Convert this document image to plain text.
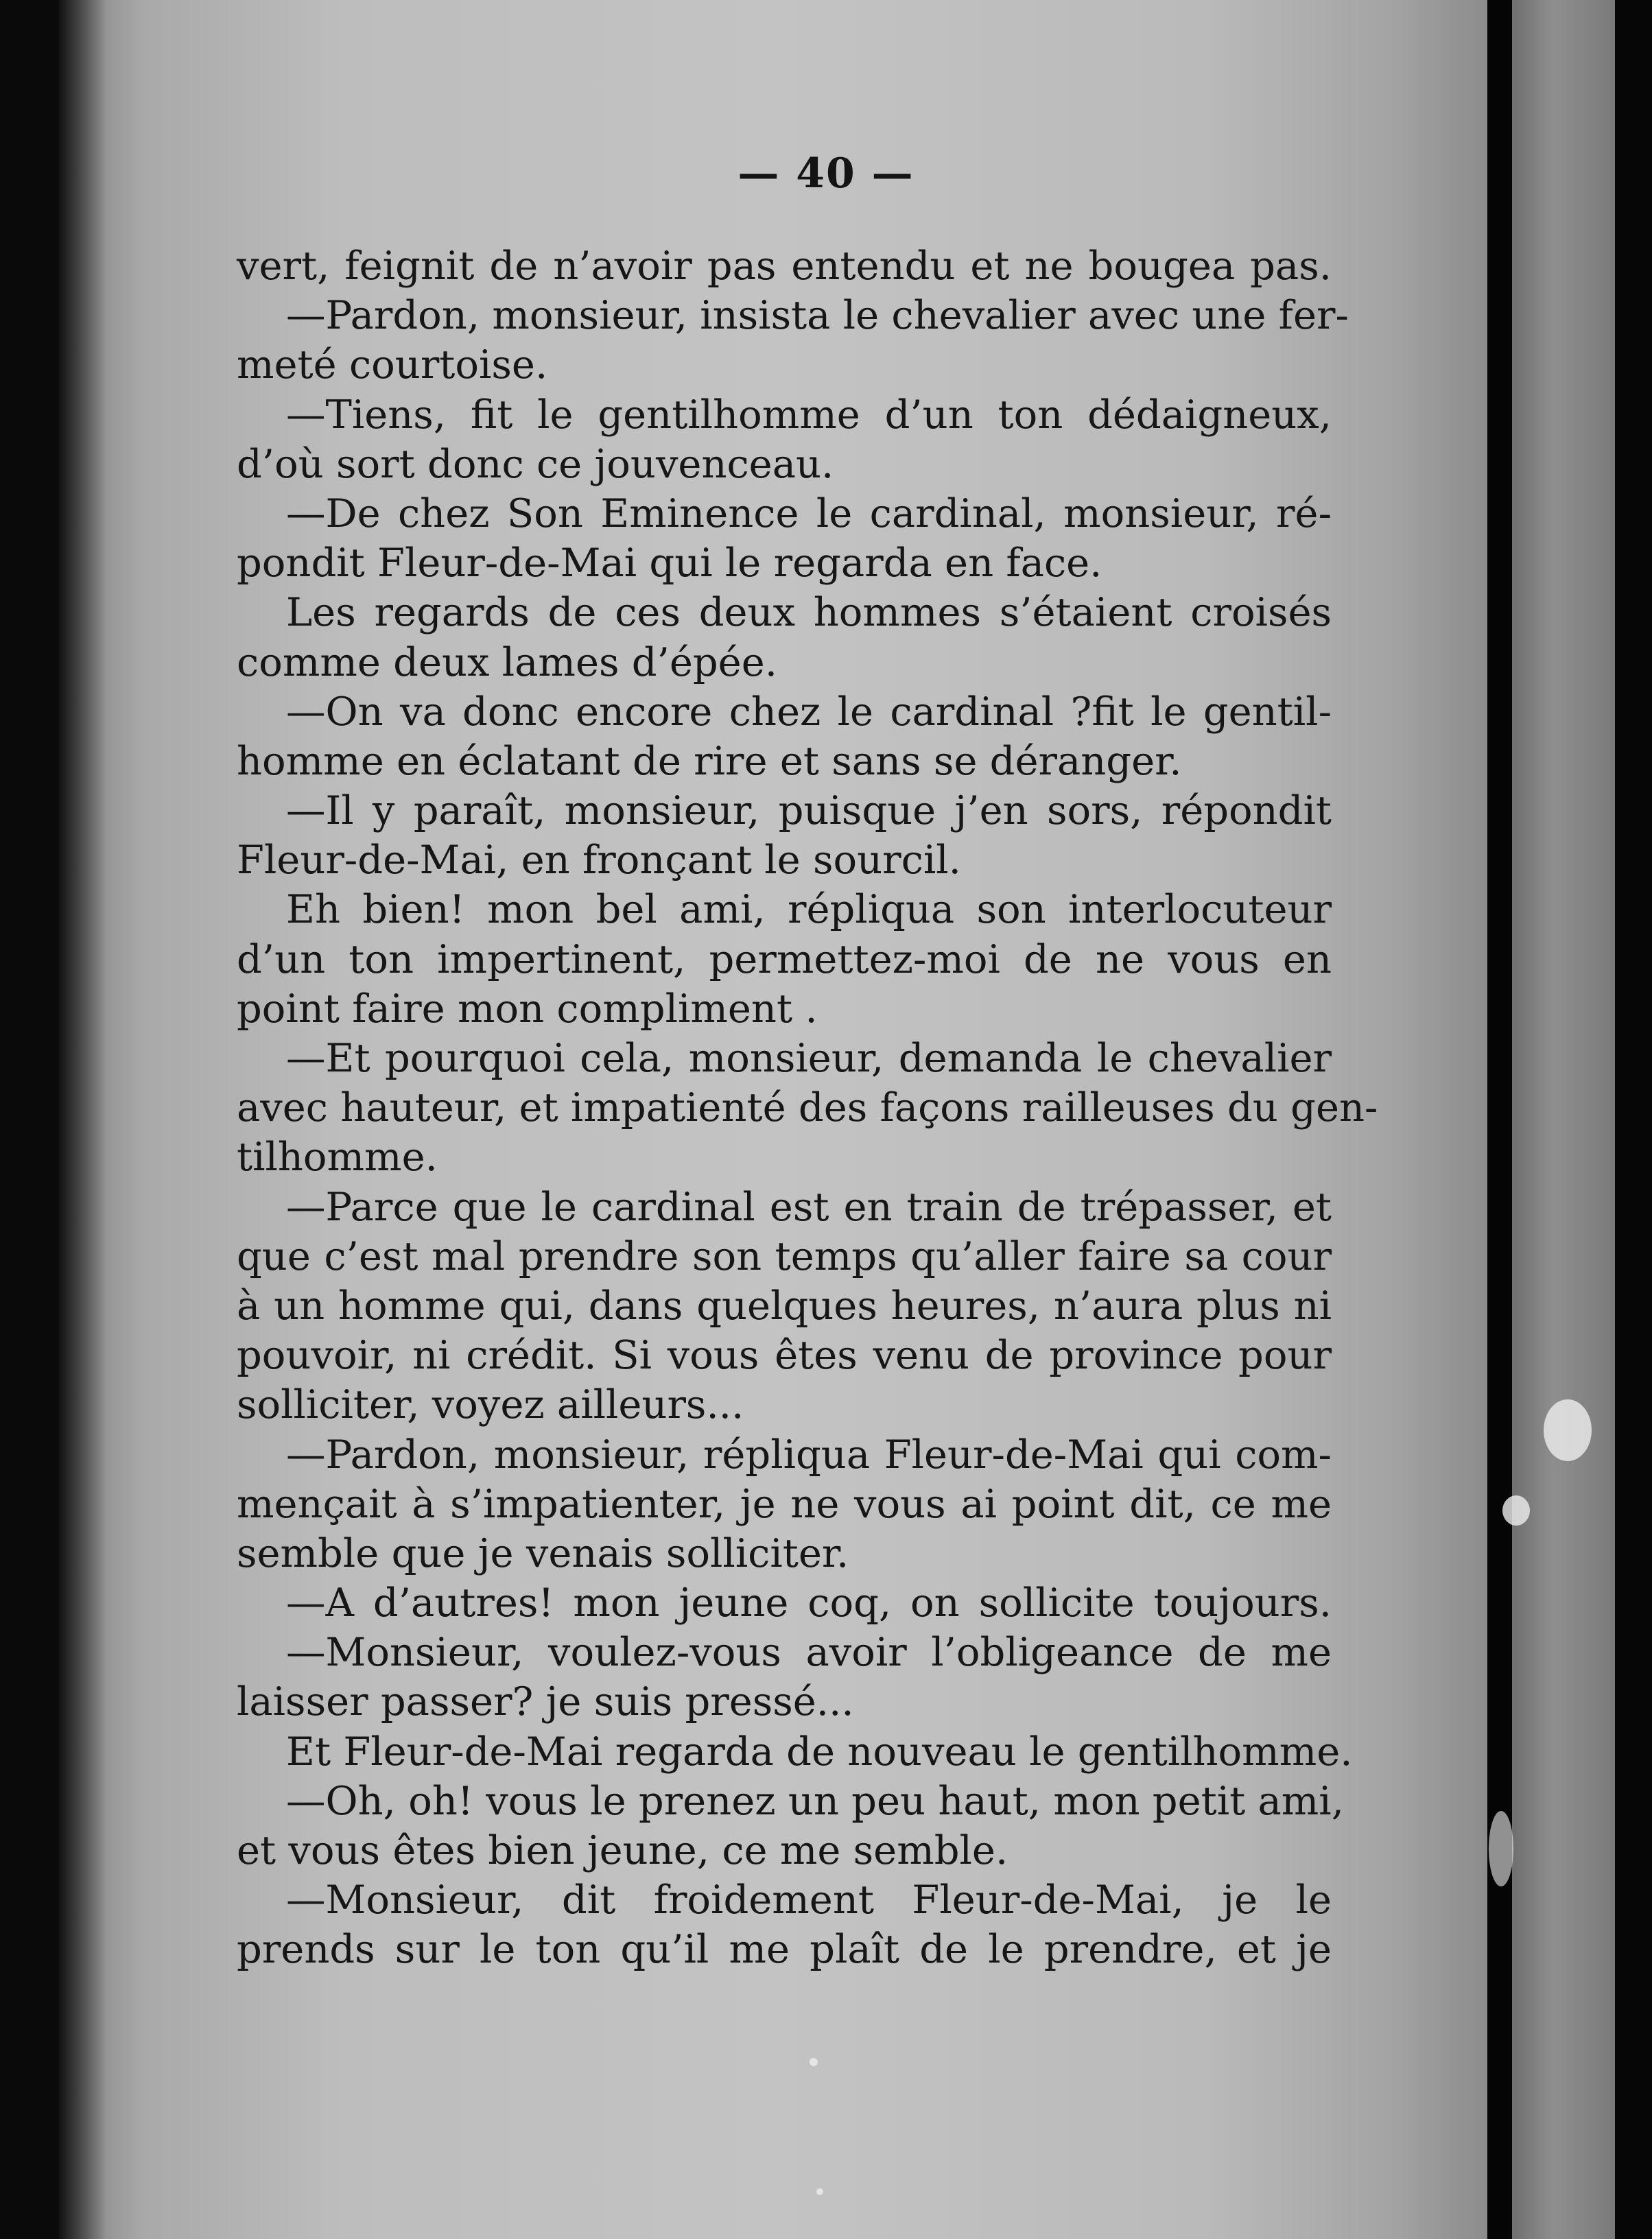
— 40 —

vert, feignit de n’avoir pas entendu et ne bougea pas.
—Pardon, monsieur, insista le chevalier avec une fer-
meté courtoise.
—Tiens, fit le gentilhomme d’un ton dédaigneux,
d’où sort donc ce jouvenceau.
—De chez Son Eminence le cardinal, monsieur, ré-
pondit Fleur-de-Mai qui le regarda en face.
Les regards de ces deux hommes s’étaient croisés
comme deux lames d’épée.
—On va donc encore chez le cardinal ?fit le gentil-
homme en éclatant de rire et sans se déranger.
—Il y paraît, monsieur, puisque j’en sors, répondit
Fleur-de-Mai, en fronçant le sourcil.
Eh bien! mon bel ami, répliqua son interlocuteur
d’un ton impertinent, permettez-moi de ne vous en
point faire mon compliment .
—Et pourquoi cela, monsieur, demanda le chevalier
avec hauteur, et impatienté des façons railleuses du gen-
tilhomme.
—Parce que le cardinal est en train de trépasser, et
que c’est mal prendre son temps qu’aller faire sa cour
à un homme qui, dans quelques heures, n’aura plus ni
pouvoir, ni crédit. Si vous êtes venu de province pour
solliciter, voyez ailleurs...
—Pardon, monsieur, répliqua Fleur-de-Mai qui com-
mençait à s’impatienter, je ne vous ai point dit, ce me
semble que je venais solliciter.
—A d’autres! mon jeune coq, on sollicite toujours.
—Monsieur, voulez-vous avoir l’obligeance de me
laisser passer? je suis pressé...
Et Fleur-de-Mai regarda de nouveau le gentilhomme.
—Oh, oh! vous le prenez un peu haut, mon petit ami,
et vous êtes bien jeune, ce me semble.
—Monsieur, dit froidement Fleur-de-Mai, je le
prends sur le ton qu’il me plaît de le prendre, et je
